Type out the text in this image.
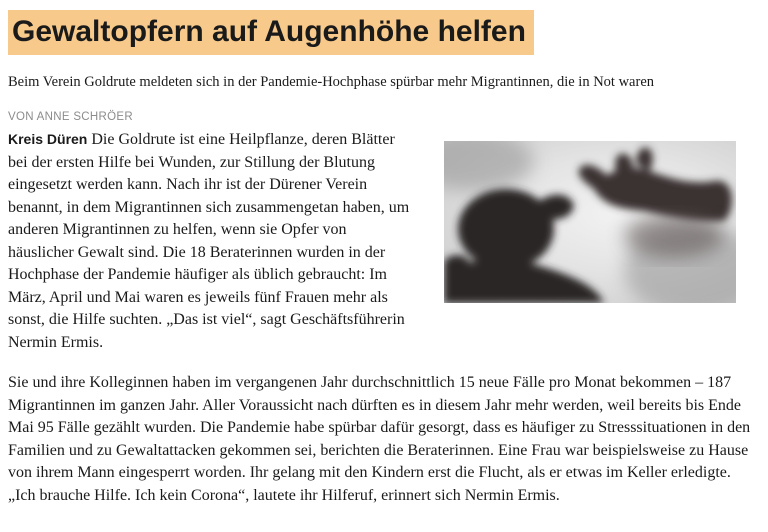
Gewaltopfern auf Augenhöhe helfen

Beim Verein Goldrute meldeten sich in der Pandemie-Hochphase spürbar mehr Migrantinnen, die in Not waren

VON ANNE SCHRÖER

Kreis Düren Die Goldrute ist eine Heilpflanze, deren Blätter bei der ersten Hilfe bei Wunden, zur Stillung der Blutung eingesetzt werden kann. Nach ihr ist der Dürener Verein benannt, in dem Migrantinnen sich zusammengetan haben, um anderen Migrantinnen zu helfen, wenn sie Opfer von häuslicher Gewalt sind. Die 18 Beraterinnen wurden in der Hochphase der Pandemie häufiger als üblich gebraucht: Im März, April und Mai waren es jeweils fünf Frauen mehr als sonst, die Hilfe suchten. „Das ist viel“, sagt Geschäftsführerin Nermin Ermis.

Sie und ihre Kolleginnen haben im vergangenen Jahr durchschnittlich 15 neue Fälle pro Monat bekommen – 187 Migrantinnen im ganzen Jahr. Aller Voraussicht nach dürften es in diesem Jahr mehr werden, weil bereits bis Ende Mai 95 Fälle gezählt wurden. Die Pandemie habe spürbar dafür gesorgt, dass es häufiger zu Stresssituationen in den Familien und zu Gewaltattacken gekommen sei, berichten die Beraterinnen. Eine Frau war beispielsweise zu Hause von ihrem Mann eingesperrt worden. Ihr gelang mit den Kindern erst die Flucht, als er etwas im Keller erledigte. „Ich brauche Hilfe. Ich kein Corona“, lautete ihr Hilferuf, erinnert sich Nermin Ermis.
